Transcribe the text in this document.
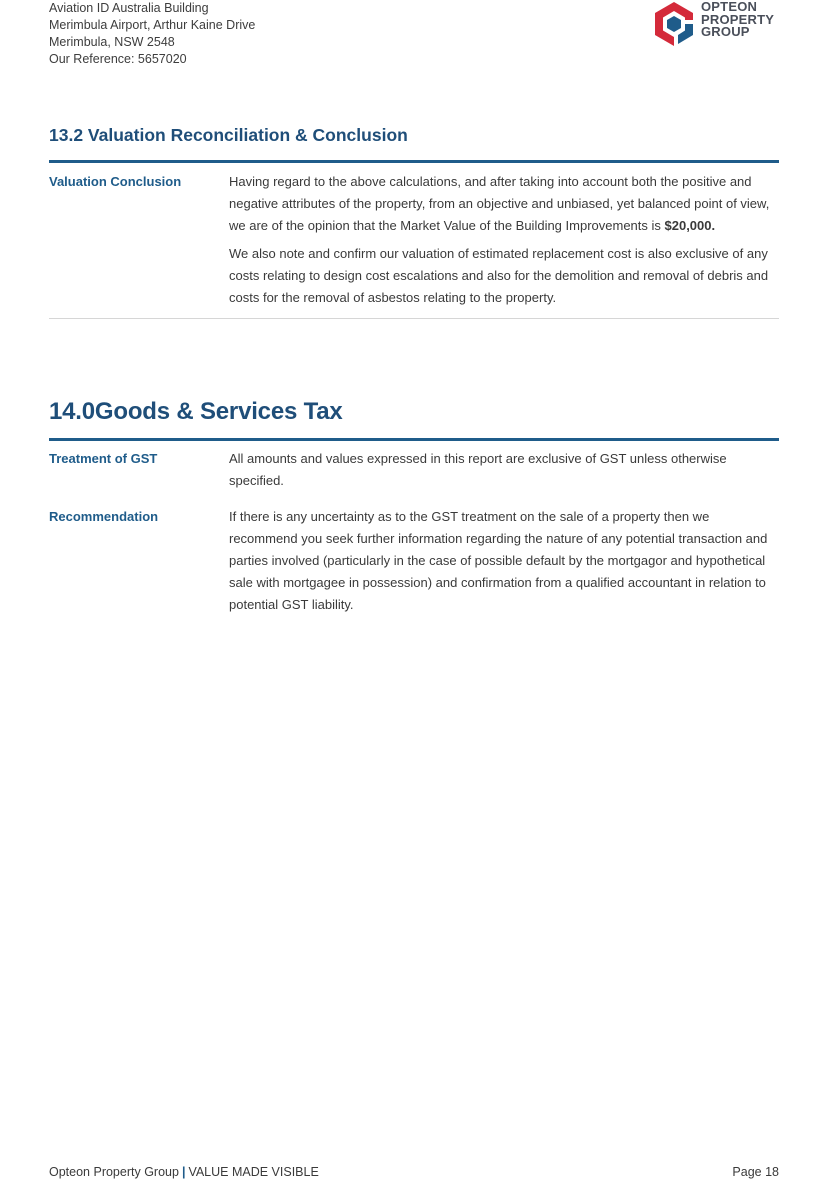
Aviation ID Australia Building
Merimbula Airport, Arthur Kaine Drive
Merimbula, NSW 2548
Our Reference: 5657020
OPTEON
PROPERTY
GROUP
13.2 Valuation Reconciliation & Conclusion
Valuation Conclusion	Having regard to the above calculations, and after taking into account both the positive and negative attributes of the property, from an objective and unbiased, yet balanced point of view, we are of the opinion that the Market Value of the Building Improvements is $20,000.

We also note and confirm our valuation of estimated replacement cost is also exclusive of any costs relating to design cost escalations and also for the demolition and removal of debris and costs for the removal of asbestos relating to the property.

14.0Goods & Services Tax
Treatment of GST	All amounts and values expressed in this report are exclusive of GST unless otherwise specified.
Recommendation	If there is any uncertainty as to the GST treatment on the sale of a property then we recommend you seek further information regarding the nature of any potential transaction and parties involved (particularly in the case of possible default by the mortgagor and hypothetical sale with mortgagee in possession) and confirmation from a qualified accountant in relation to potential GST liability.
Opteon Property Group | VALUE MADE VISIBLE	Page 18
